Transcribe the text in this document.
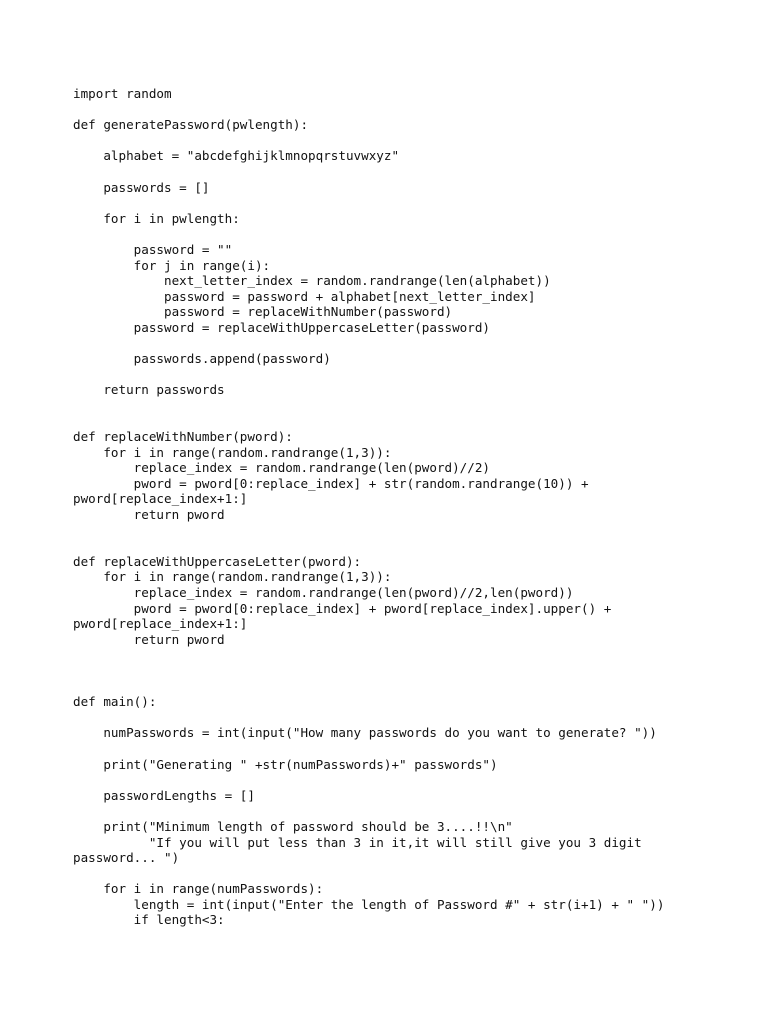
import random
def generatePassword(pwlength):
alphabet = "abcdefghijklmnopqrstuvwxyz"
passwords = []
for i in pwlength:
password = ""
for j in range(i):
next_letter_index = random.randrange(len(alphabet))
password = password + alphabet[next_letter_index]
password = replaceWithNumber(password)
password = replaceWithUppercaseLetter(password)
passwords.append(password)
return passwords
def replaceWithNumber(pword):
for i in range(random.randrange(1,3)):
replace_index = random.randrange(len(pword)//2)
pword = pword[0:replace_index] + str(random.randrange(10)) +
pword[replace_index+1:]
return pword
def replaceWithUppercaseLetter(pword):
for i in range(random.randrange(1,3)):
replace_index = random.randrange(len(pword)//2,len(pword))
pword = pword[0:replace_index] + pword[replace_index].upper() +
pword[replace_index+1:]
return pword
def main():
numPasswords = int(input("How many passwords do you want to generate? "))
print("Generating " +str(numPasswords)+" passwords")
passwordLengths = []
print("Minimum length of password should be 3....!!\n"
"If you will put less than 3 in it,it will still give you 3 digit
password... ")
for i in range(numPasswords):
length = int(input("Enter the length of Password #" + str(i+1) + " "))
if length<3:
